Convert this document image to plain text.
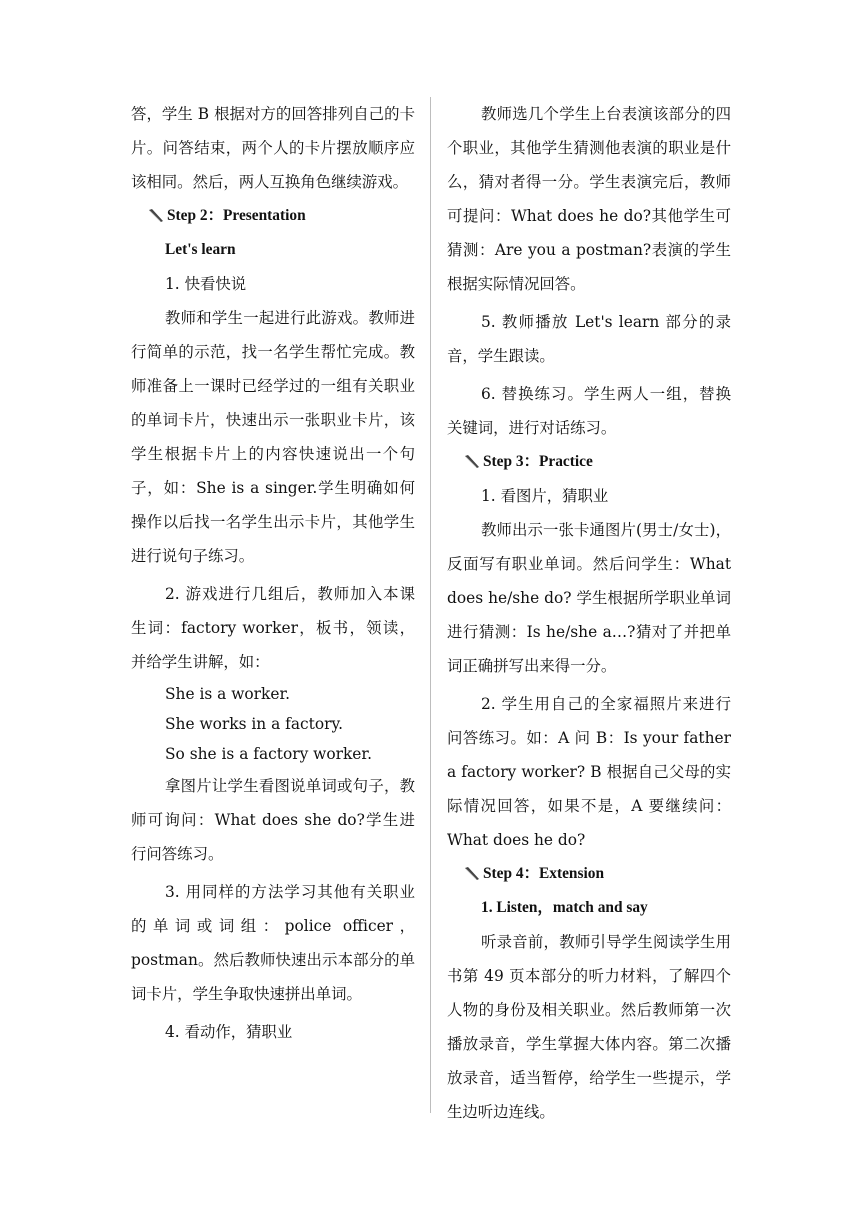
答，学生 B 根据对方的回答排列自己的卡片。问答结束，两个人的卡片摆放顺序应该相同。然后，两人互换角色继续游戏。

Step 2：Presentation

Let's learn

1. 快看快说

教师和学生一起进行此游戏。教师进行简单的示范，找一名学生帮忙完成。教师准备上一课时已经学过的一组有关职业的单词卡片，快速出示一张职业卡片，该学生根据卡片上的内容快速说出一个句子，如：She is a singer.学生明确如何操作以后找一名学生出示卡片，其他学生进行说句子练习。

2. 游戏进行几组后，教师加入本课生词：factory worker，板书，领读，并给学生讲解，如：

She is a worker.

She works in a factory.

So she is a factory worker.

拿图片让学生看图说单词或句子，教师可询问：What does she do?学生进行问答练习。

3. 用同样的方法学习其他有关职业的单词或词组：police officer，postman。然后教师快速出示本部分的单词卡片，学生争取快速拼出单词。

4. 看动作，猜职业

教师选几个学生上台表演该部分的四个职业，其他学生猜测他表演的职业是什么，猜对者得一分。学生表演完后，教师可提问：What does he do?其他学生可猜测：Are you a postman?表演的学生根据实际情况回答。

5. 教师播放 Let's learn 部分的录音，学生跟读。

6. 替换练习。学生两人一组，替换关键词，进行对话练习。

Step 3：Practice

1. 看图片，猜职业

教师出示一张卡通图片(男士/女士)，反面写有职业单词。然后问学生：What does he/she do? 学生根据所学职业单词进行猜测：Is he/she a…?猜对了并把单词正确拼写出来得一分。

2. 学生用自己的全家福照片来进行问答练习。如：A 问 B：Is your father a factory worker? B 根据自己父母的实际情况回答，如果不是，A 要继续问：What does he do?

Step 4：Extension

1. Listen，match and say

听录音前，教师引导学生阅读学生用书第 49 页本部分的听力材料，了解四个人物的身份及相关职业。然后教师第一次播放录音，学生掌握大体内容。第二次播放录音，适当暂停，给学生一些提示，学生边听边连线。
